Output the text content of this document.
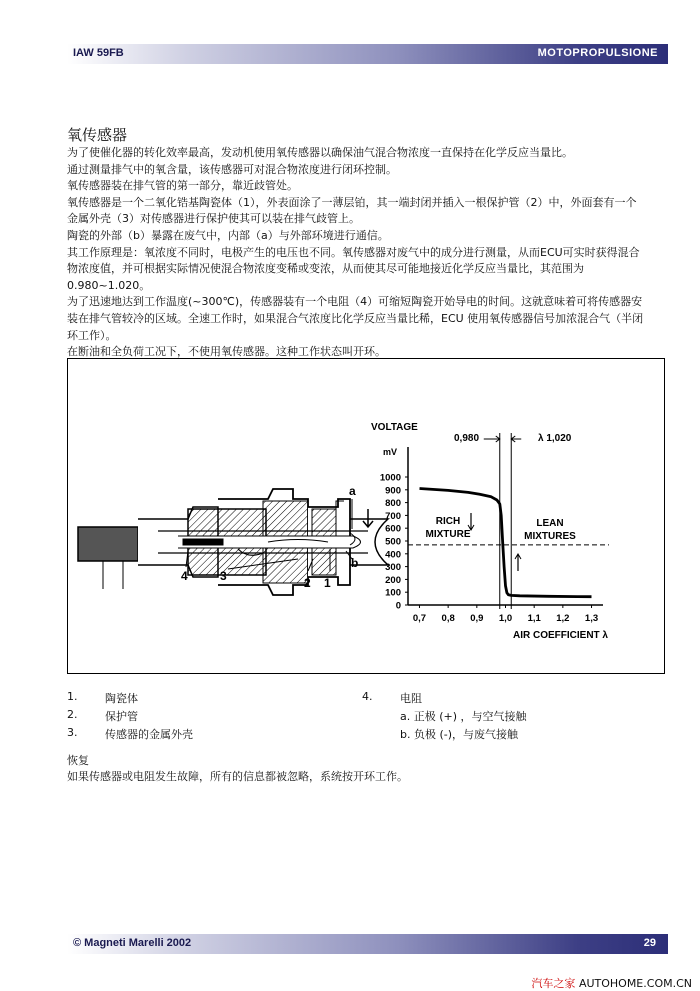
IAW 59FB	MOTOPROPULSIONE
氧传感器

为了使催化器的转化效率最高，发动机使用氧传感器以确保油气混合物浓度一直保持在化学反应当量比。

通过测量排气中的氧含量，该传感器可对混合物浓度进行闭环控制。

氧传感器装在排气管的第一部分，靠近歧管处。

氧传感器是一个二氧化锆基陶瓷体（1），外表面涂了一薄层铂，其一端封闭并插入一根保护管（2）中，外面套有一个金属外壳（3）对传感器进行保护使其可以装在排气歧管上。

陶瓷的外部（b）暴露在废气中，内部（a）与外部环境进行通信。

其工作原理是：氧浓度不同时，电极产生的电压也不同。氧传感器对废气中的成分进行测量，从而ECU可实时获得混合物浓度值，并可根据实际情况使混合物浓度变稀或变浓，从而使其尽可能地接近化学反应当量比，其范围为0.980~1.020。

为了迅速地达到工作温度(~300℃)，传感器装有一个电阻（4）可缩短陶瓷开始导电的时间。这就意味着可将传感器安装在排气管较冷的区域。全速工作时，如果混合气浓度比化学反应当量比稀，ECU 使用氧传感器信号加浓混合气（半闭环工作）。

在断油和全负荷工况下，不使用氧传感器。这种工作状态叫开环。

a
b
1
2
3
4
VOLTAGE
mV
AIR COEFFICIENT λ
0,980	λ 1,020
RICH
MIXTURE
LEAN
MIXTURES
0
100
200
300
400
500
600
700
800
900
1000
0,7 0,8 0,9 1,0 1,1 1,2 1,3
1.	陶瓷体
2.	保护管
3.	传感器的金属外壳
4.	电阻
a. 正极 (+) ，与空气接触
b. 负极 (-)，与废气接触
恢复
如果传感器或电阻发生故障，所有的信息都被忽略，系统按开环工作。
© Magneti Marelli 2002	29
汽车之家 AUTOHOME.COM.CN
